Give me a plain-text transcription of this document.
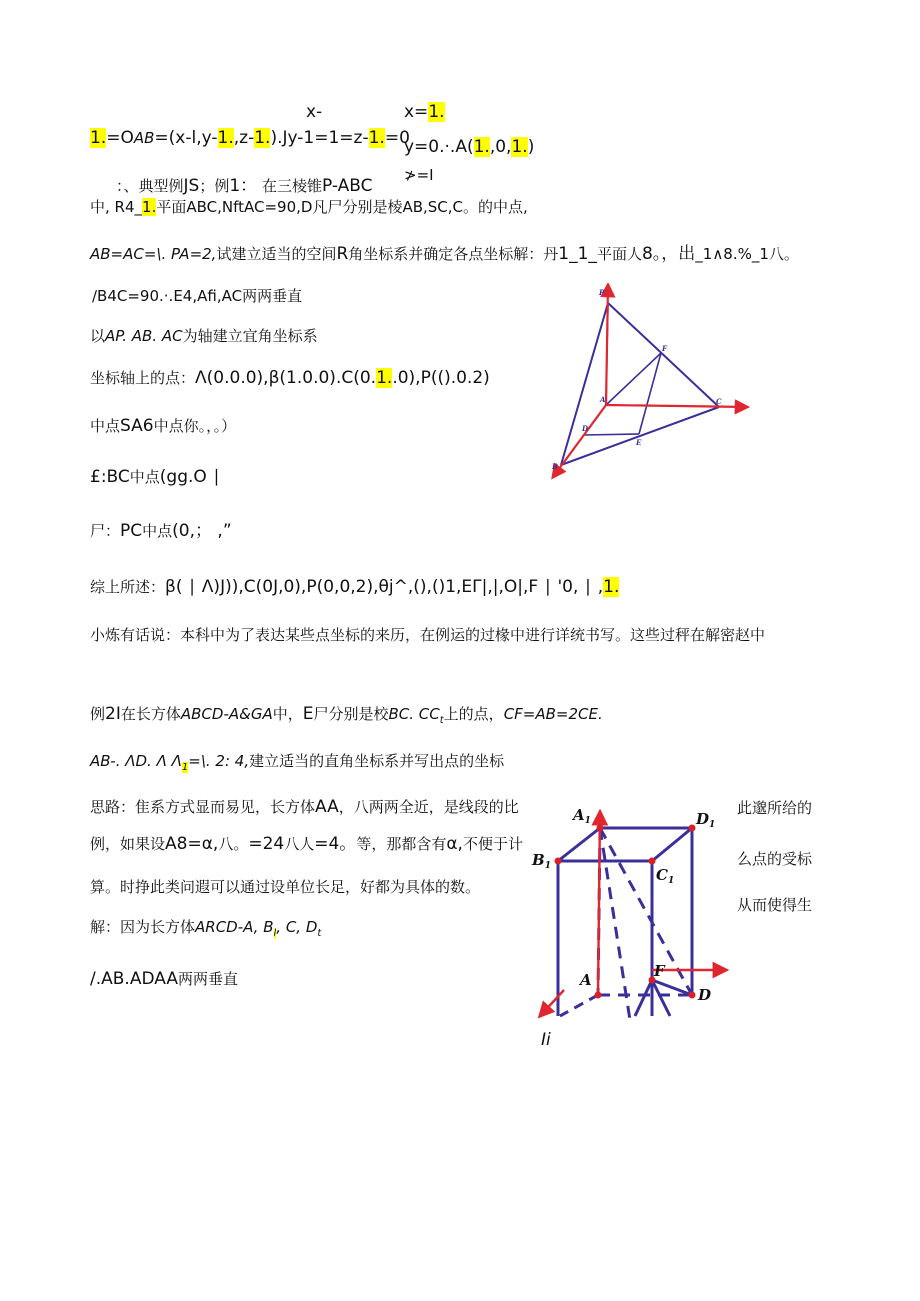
x-	x=1.
1.=OAB=(x-l,y-1.,z-1.).Jy-1=1=z-1.=0
y=0.·.A(1.,0,1.)
≯=I
：、典型例JS；例1： 在三棱锥P-ABC
中, R4_1.平面ABC,NftAC=90,D凡尸分别是棱AB,SC,C。的中点,
AB=AC=\. PA=2,试建立适当的空间R角坐标系并确定各点坐标解：丹1_1_平面人8。，出_1∧8.%_1八。
∕B4C=90.·.E4,Afi,AC两两垂直
以AP. AB. AC为轴建立宜角坐标系
坐标轴上的点：Λ(0.0.0),β(1.0.0).C(0.1..0),P(().0.2)
中点SA6中点你。，。）
£:BC中点(gg.O ∣
尸：PC中点(0,； ,”
综上所述：β( ∣ Λ)J)),C(0J,0),P(0,0,2),θj^,(),()1,EΓ|,|,O|,F ∣ '0, ∣ ,1.
小炼有话说：本科中为了表达某些点坐标的来历，在例运的过椽中进行详统书写。这些过秤在解密赵中
P
F
A	C
D
E
B
例2I在长方体ABCD-A&GA中，E尸分别是校BC. $CC_t$上的点，CF=AB=2CE.
AB-. ΛD. Λ $\Lambda_1=\backslash$. 2: 4,建立适当的直角坐标系并写出点的坐标
思路：隹系方式显而易见，长方体AA，八两两全近，是线段的比
例，如果设A8=α,八。=24八人=4。等，那都含有α,不便于计
算。时挣此类问遐可以通过设单位长足，好都为具体的数。
解：因为长方体ARCD-A, $B_l$, C, $D_t$
/.AB.ADAA两两垂直
此邈所给的
么点的受标
从而使得生
Ii
$A_1$	$D_1$
$B_1$	$C_1$
A	F
D
